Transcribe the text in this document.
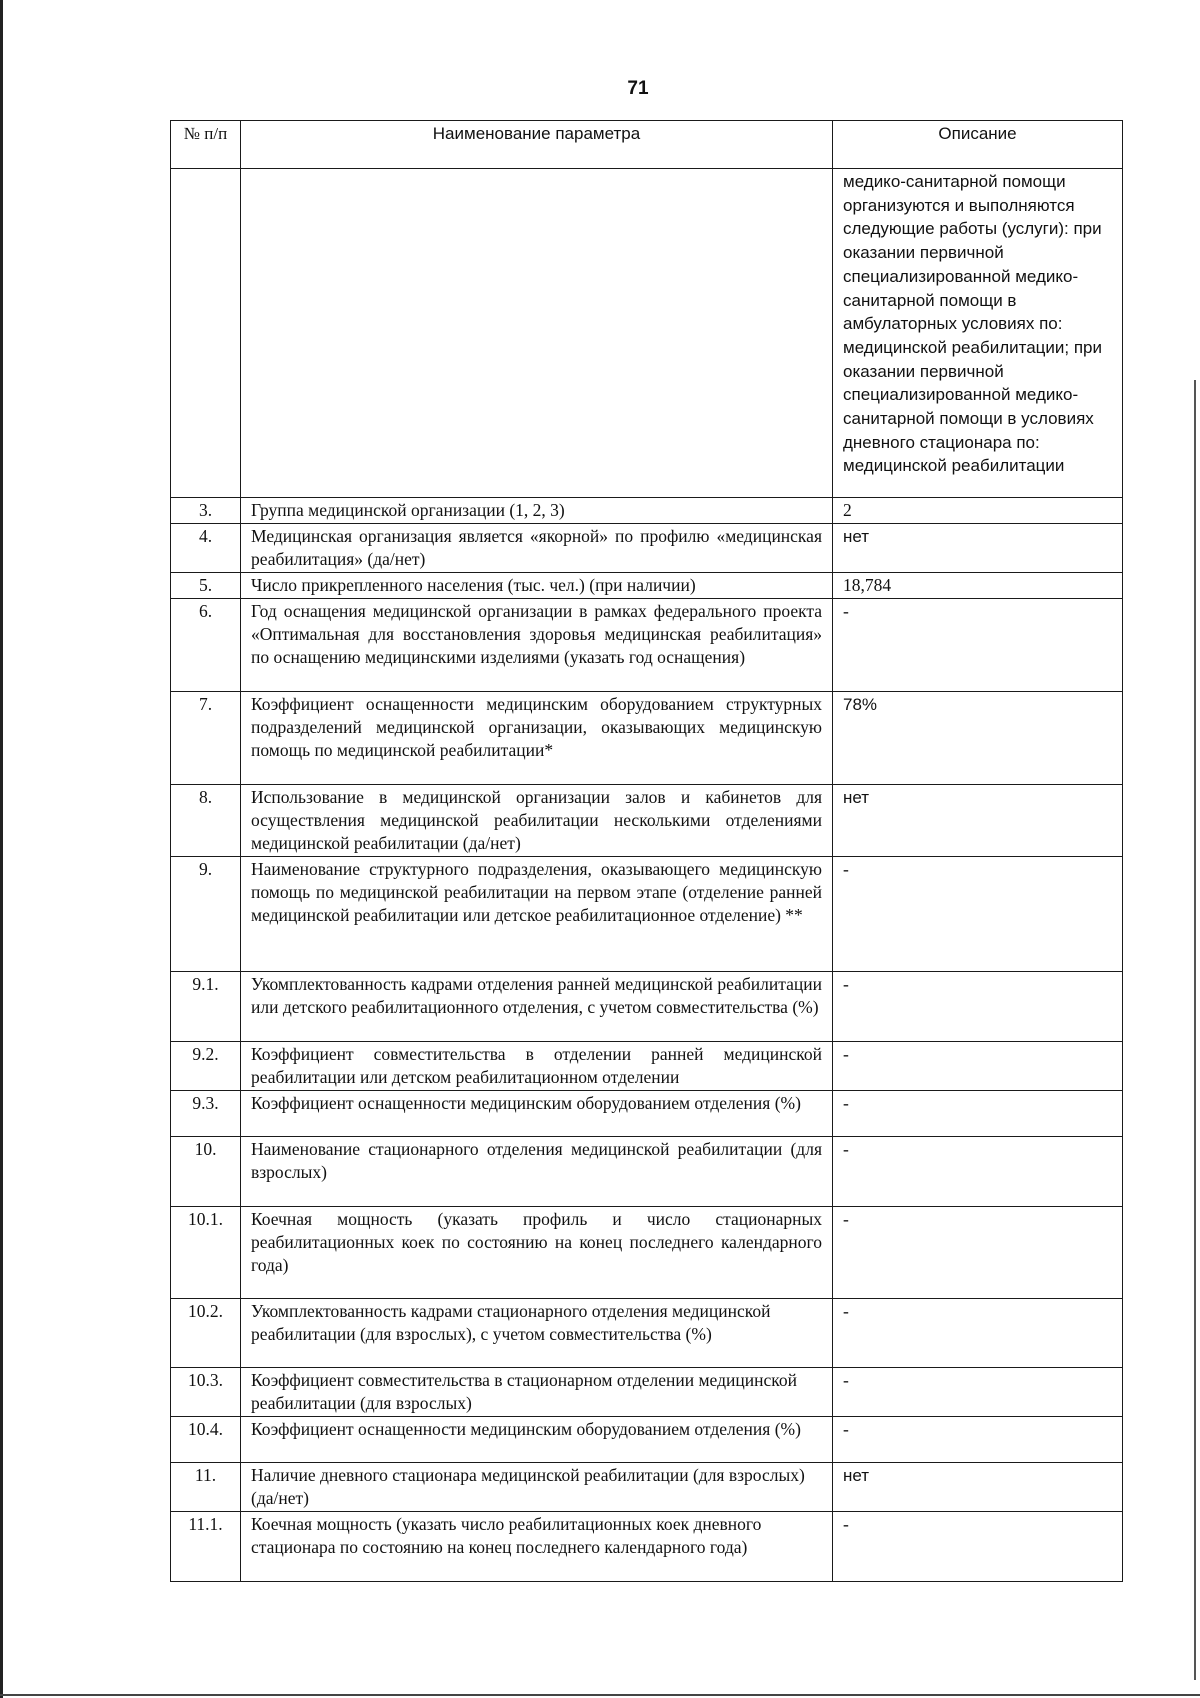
71
№ п/п	Наименование параметра	Описание
		медико-санитарной помощи организуются и выполняются следующие работы (услуги): при оказании первичной специализированной медико-санитарной помощи в амбулаторных условиях по: медицинской реабилитации; при оказании первичной специализированной медико-санитарной помощи в условиях дневного стационара по: медицинской реабилитации
3.	Группа медицинской организации (1, 2, 3)	2
4.	Медицинская организация является «якорной» по профилю «медицинская реабилитация» (да/нет)	нет
5.	Число прикрепленного населения (тыс. чел.) (при наличии)	18,784
6.	Год оснащения медицинской организации в рамках федерального проекта «Оптимальная для восстановления здоровья медицинская реабилитация» по оснащению медицинскими изделиями (указать год оснащения)	-
7.	Коэффициент оснащенности медицинским оборудованием структурных подразделений медицинской организации, оказывающих медицинскую помощь по медицинской реабилитации*	78%
8.	Использование в медицинской организации залов и кабинетов для осуществления медицинской реабилитации несколькими отделениями медицинской реабилитации (да/нет)	нет
9.	Наименование структурного подразделения, оказывающего медицинскую помощь по медицинской реабилитации на первом этапе (отделение ранней медицинской реабилитации или детское реабилитационное отделение) **	-
9.1.	Укомплектованность кадрами отделения ранней медицинской реабилитации или детского реабилитационного отделения, с учетом совместительства (%)	-
9.2.	Коэффициент совместительства в отделении ранней медицинской реабилитации или детском реабилитационном отделении	-
9.3.	Коэффициент оснащенности медицинским оборудованием отделения (%)	-
10.	Наименование стационарного отделения медицинской реабилитации (для взрослых)	-
10.1.	Коечная мощность (указать профиль и число стационарных реабилитационных коек по состоянию на конец последнего календарного года)	-
10.2.	Укомплектованность кадрами стационарного отделения медицинской реабилитации (для взрослых), с учетом совместительства (%)	-
10.3.	Коэффициент совместительства в стационарном отделении медицинской реабилитации (для взрослых)	-
10.4.	Коэффициент оснащенности медицинским оборудованием отделения (%)	-
11.	Наличие дневного стационара медицинской реабилитации (для взрослых) (да/нет)	нет
11.1.	Коечная мощность (указать число реабилитационных коек дневного стационара по состоянию на конец последнего календарного года)	-
